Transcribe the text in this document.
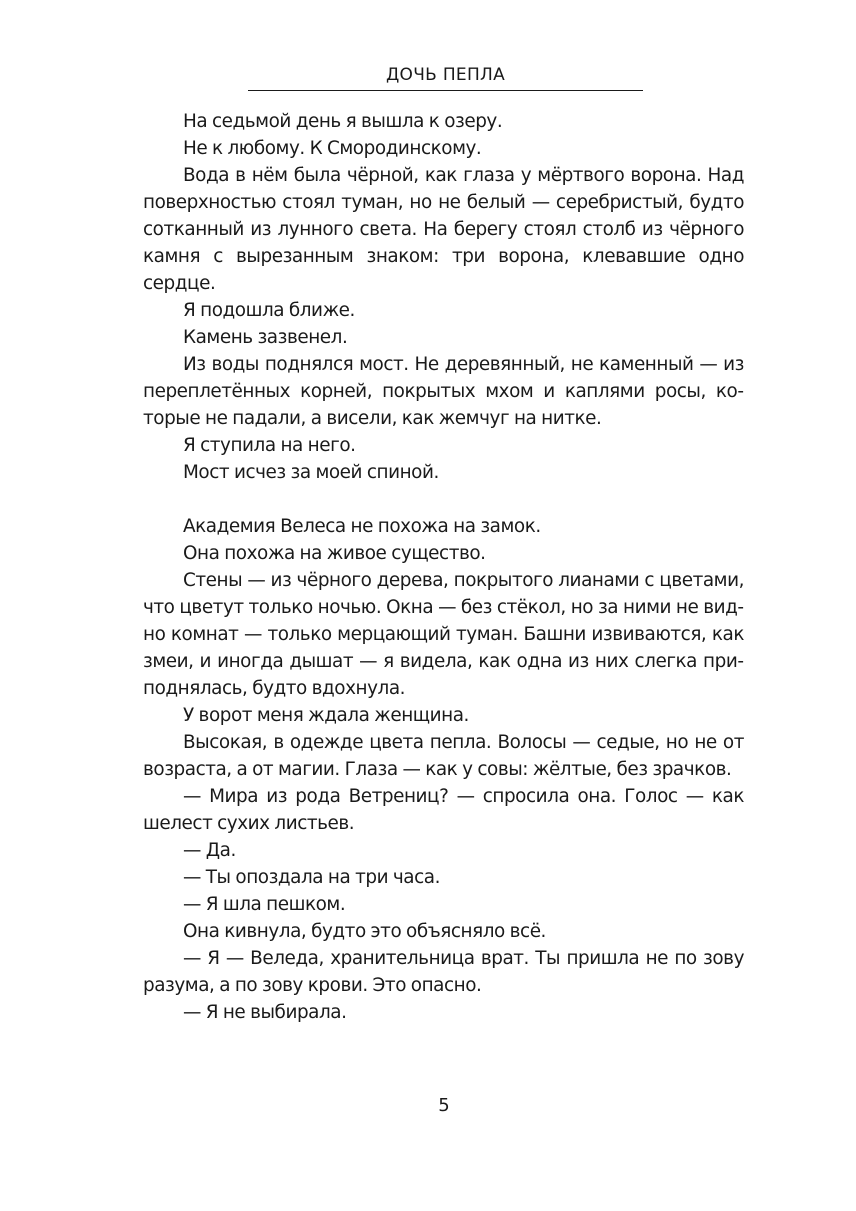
ДОЧЬ ПЕПЛА

На седьмой день я вышла к озеру.

Не к любому. К Смородинскому.

Вода в нём была чёрной, как глаза у мёртвого ворона. Над поверхностью стоял туман, но не белый — серебристый, будто сотканный из лунного света. На берегу стоял столб из чёрного камня с вырезанным знаком: три ворона, клевавшие одно сердце.

Я подошла ближе.

Камень зазвенел.

Из воды поднялся мост. Не деревянный, не каменный — из переплетённых корней, покрытых мхом и каплями росы, которые не падали, а висели, как жемчуг на нитке.

Я ступила на него.

Мост исчез за моей спиной.

Академия Велеса не похожа на замок.

Она похожа на живое существо.

Стены — из чёрного дерева, покрытого лианами с цветами, что цветут только ночью. Окна — без стёкол, но за ними не видно комнат — только мерцающий туман. Башни извиваются, как змеи, и иногда дышат — я видела, как одна из них слегка приподнялась, будто вдохнула.

У ворот меня ждала женщина.

Высокая, в одежде цвета пепла. Волосы — седые, но не от возраста, а от магии. Глаза — как у совы: жёлтые, без зрачков.

— Мира из рода Ветрениц? — спросила она. Голос — как шелест сухих листьев.

— Да.

— Ты опоздала на три часа.

— Я шла пешком.

Она кивнула, будто это объясняло всё.

— Я — Веледа, хранительница врат. Ты пришла не по зову разума, а по зову крови. Это опасно.

— Я не выбирала.

5
